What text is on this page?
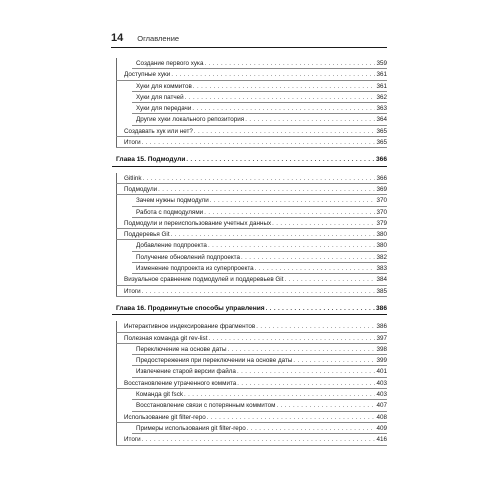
14 Оглавление
Создание первого хука . . .	359
Доступные хуки . . .	361
Хуки для коммитов . . .	361
Хуки для патчей . . .	362
Хуки для передачи . . .	363
Другие хуки локального репозитория . . .	364
Создавать хук или нет? . . .	365
Итоги . . .	365
Глава 15. Подмодули . . .	366
Gitlink . . .	366
Подмодули . . .	369
Зачем нужны подмодули . . .	370
Работа с подмодулями . . .	370
Подмодули и переиспользование учетных данных . . .	379
Поддеревья Git . . .	380
Добавление подпроекта . . .	380
Получение обновлений подпроекта . . .	382
Изменение подпроекта из суперпроекта . . .	383
Визуальное сравнение подмодулей и поддеревьев Git . . .	384
Итоги . . .	385
Глава 16. Продвинутые способы управления . . .	386
Интерактивное индексирование фрагментов . . .	386
Полезная команда git rev-list . . .	397
Переключение на основе даты . . .	398
Предостережения при переключении на основе даты . . .	399
Извлечение старой версии файла . . .	401
Восстановление утраченного коммита . . .	403
Команда git fsck . . .	403
Восстановление связи с потерянным коммитом . . .	407
Использование git filter-repo . . .	408
Примеры использования git filter-repo . . .	409
Итоги . . .	416
